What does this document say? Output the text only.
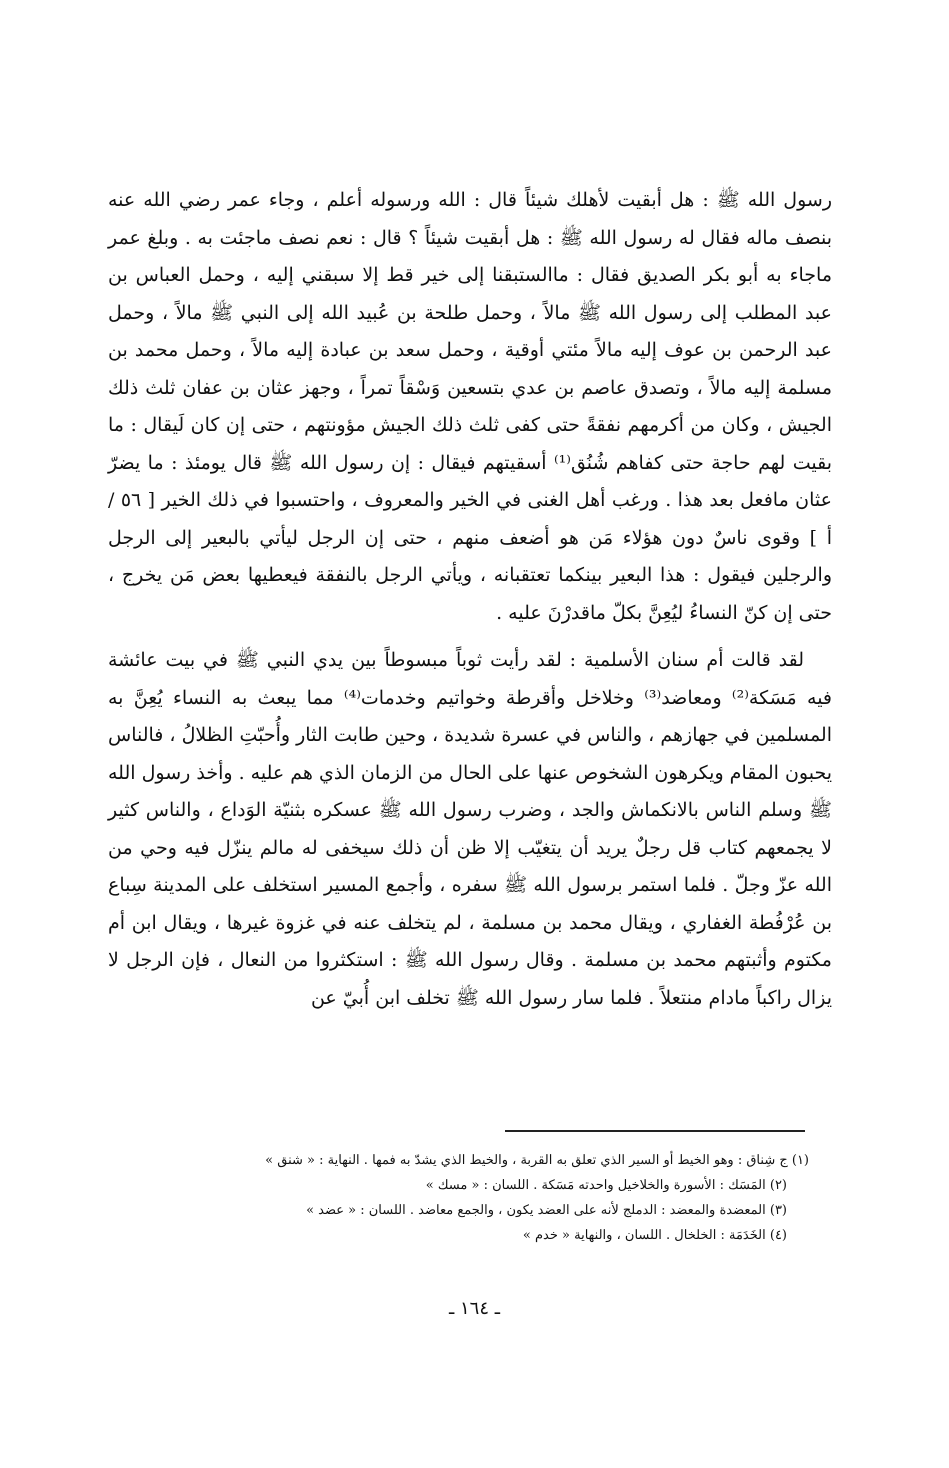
رسول الله ﷺ : هل أبقيت لأهلك شيئاً قال : الله ورسوله أعلم ، وجاء عمر رضي الله عنه بنصف ماله فقال له رسول الله ﷺ : هل أبقيت شيئاً ؟ قال : نعم نصف ماجئت به . وبلغ عمر ماجاء به أبو بكر الصديق فقال : ماالستبقنا إلى خير قط إلا سبقني إليه ، وحمل العباس بن عبد المطلب إلى رسول الله ﷺ مالاً ، وحمل طلحة بن عُبيد الله إلى النبي ﷺ مالاً ، وحمل عبد الرحمن بن عوف إليه مالاً مئتي أوقية ، وحمل سعد بن عبادة إليه مالاً ، وحمل محمد بن مسلمة إليه مالاً ، وتصدق عاصم بن عدي بتسعين وَسْقاً تمراً ، وجهز عثان بن عفان ثلث ذلك الجيش ، وكان من أكرمهم نفقةً حتى كفى ثلث ذلك الجيش مؤونتهم ، حتى إن كان لَيقال : ما بقيت لهم حاجة حتى كفاهم شُنُق⁽¹⁾ أسقيتهم فيقال : إن رسول الله ﷺ قال يومئذ : ما يضرّ عثان مافعل بعد هذا . ورغب أهل الغنى في الخير والمعروف ، واحتسبوا في ذلك الخير [ ٥٦ / أ ] وقوى ناسٌ دون هؤلاء مَن هو أضعف منهم ، حتى إن الرجل ليأتي بالبعير إلى الرجل والرجلين فيقول : هذا البعير بينكما تعتقبانه ، ويأتي الرجل بالنفقة فيعطيها بعض مَن يخرج ، حتى إن كنّ النساءُ ليُعِنَّ بكلّ ماقدرْنَ عليه .

لقد قالت أم سنان الأسلمية : لقد رأيت ثوباً مبسوطاً بين يدي النبي ﷺ في بيت عائشة فيه مَسَكة⁽²⁾ ومعاضد⁽³⁾ وخلاخل وأقرطة وخواتيم وخدمات⁽⁴⁾ مما يبعث به النساء يُعِنَّ به المسلمين في جهازهم ، والناس في عسرة شديدة ، وحين طابت الثار وأُحبّتِ الظلالُ ، فالناس يحبون المقام ويكرهون الشخوص عنها على الحال من الزمان الذي هم عليه . وأخذ رسول الله ﷺ وسلم الناس بالانكماش والجد ، وضرب رسول الله ﷺ عسكره بثنيّة الوَداع ، والناس كثير لا يجمعهم كتاب قل رجلٌ يريد أن يتغيّب إلا ظن أن ذلك سيخفى له مالم ينزّل فيه وحي من الله عزّ وجلّ . فلما استمر برسول الله ﷺ سفره ، وأجمع المسير استخلف على المدينة سِباع بن عُرْفُطة الغفاري ، ويقال محمد بن مسلمة ، لم يتخلف عنه في غزوة غيرها ، ويقال ابن أم مكتوم وأثبتهم محمد بن مسلمة . وقال رسول الله ﷺ : استكثروا من النعال ، فإن الرجل لا يزال راكباً مادام منتعلاً . فلما سار رسول الله ﷺ تخلف ابن أُبيّ عن

(١) ج شِناق : وهو الخيط أو السير الذي تعلق به القربة ، والخيط الذي يشدّ به فمها . النهاية : « شنق »

(٢) المَسَك : الأسورة والخلاخيل واحدته مَسَكة . اللسان : « مسك »

(٣) المعضدة والمعضد : الدملج لأنه على العضد يكون ، والجمع معاضد . اللسان : « عضد »

(٤) الخَدَمَة : الخلخال . اللسان ، والنهاية « خدم »

ـ ١٦٤ ـ
